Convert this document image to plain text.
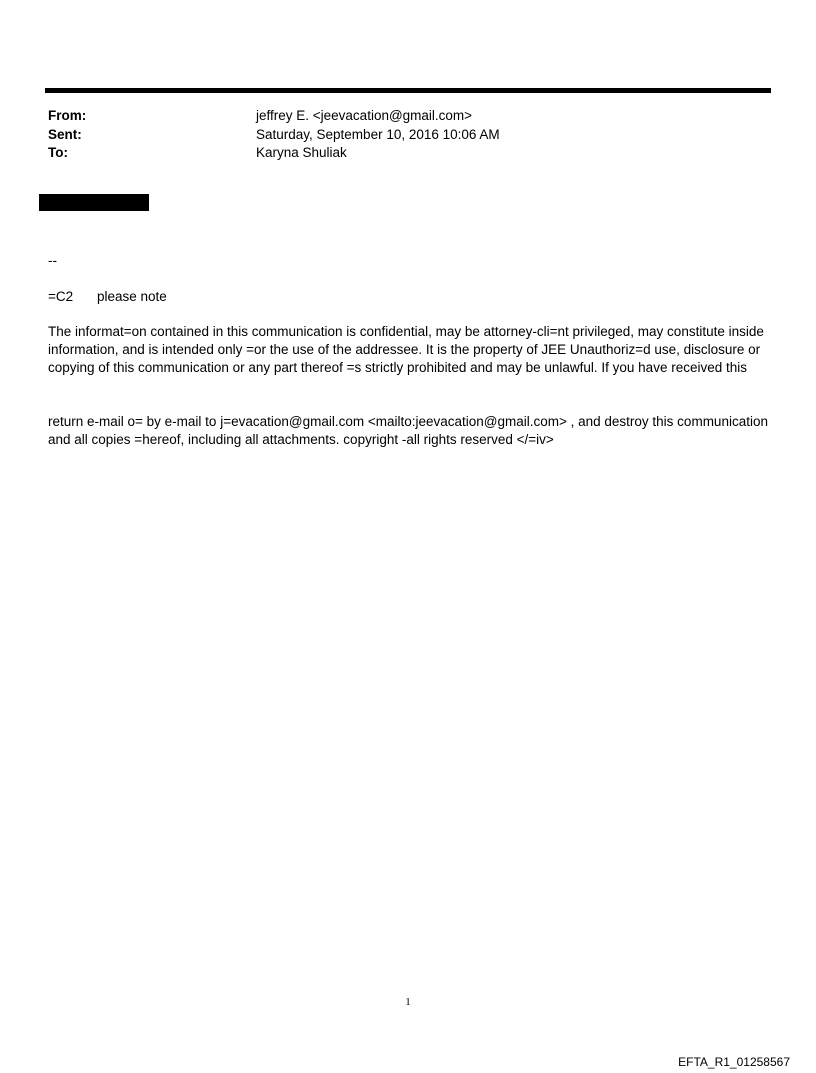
From:	jeffrey E. <jeevacation@gmail.com>
Sent:	Saturday, September 10, 2016 10:06 AM
To:	Karyna Shuliak
--
=C2 please note
The informat=on contained in this communication is confidential, may be attorney-cli=nt privileged, may constitute inside information, and is intended only =or the use of the addressee. It is the property of JEE Unauthoriz=d use, disclosure or copying of this communication or any part thereof =s strictly prohibited and may be unlawful. If you have received this
return e-mail o= by e-mail to j=evacation@gmail.com <mailto:jeevacation@gmail.com> , and destroy this communication and all copies =hereof, including all attachments. copyright -all rights reserved </=iv>
1
EFTA_R1_01258567
